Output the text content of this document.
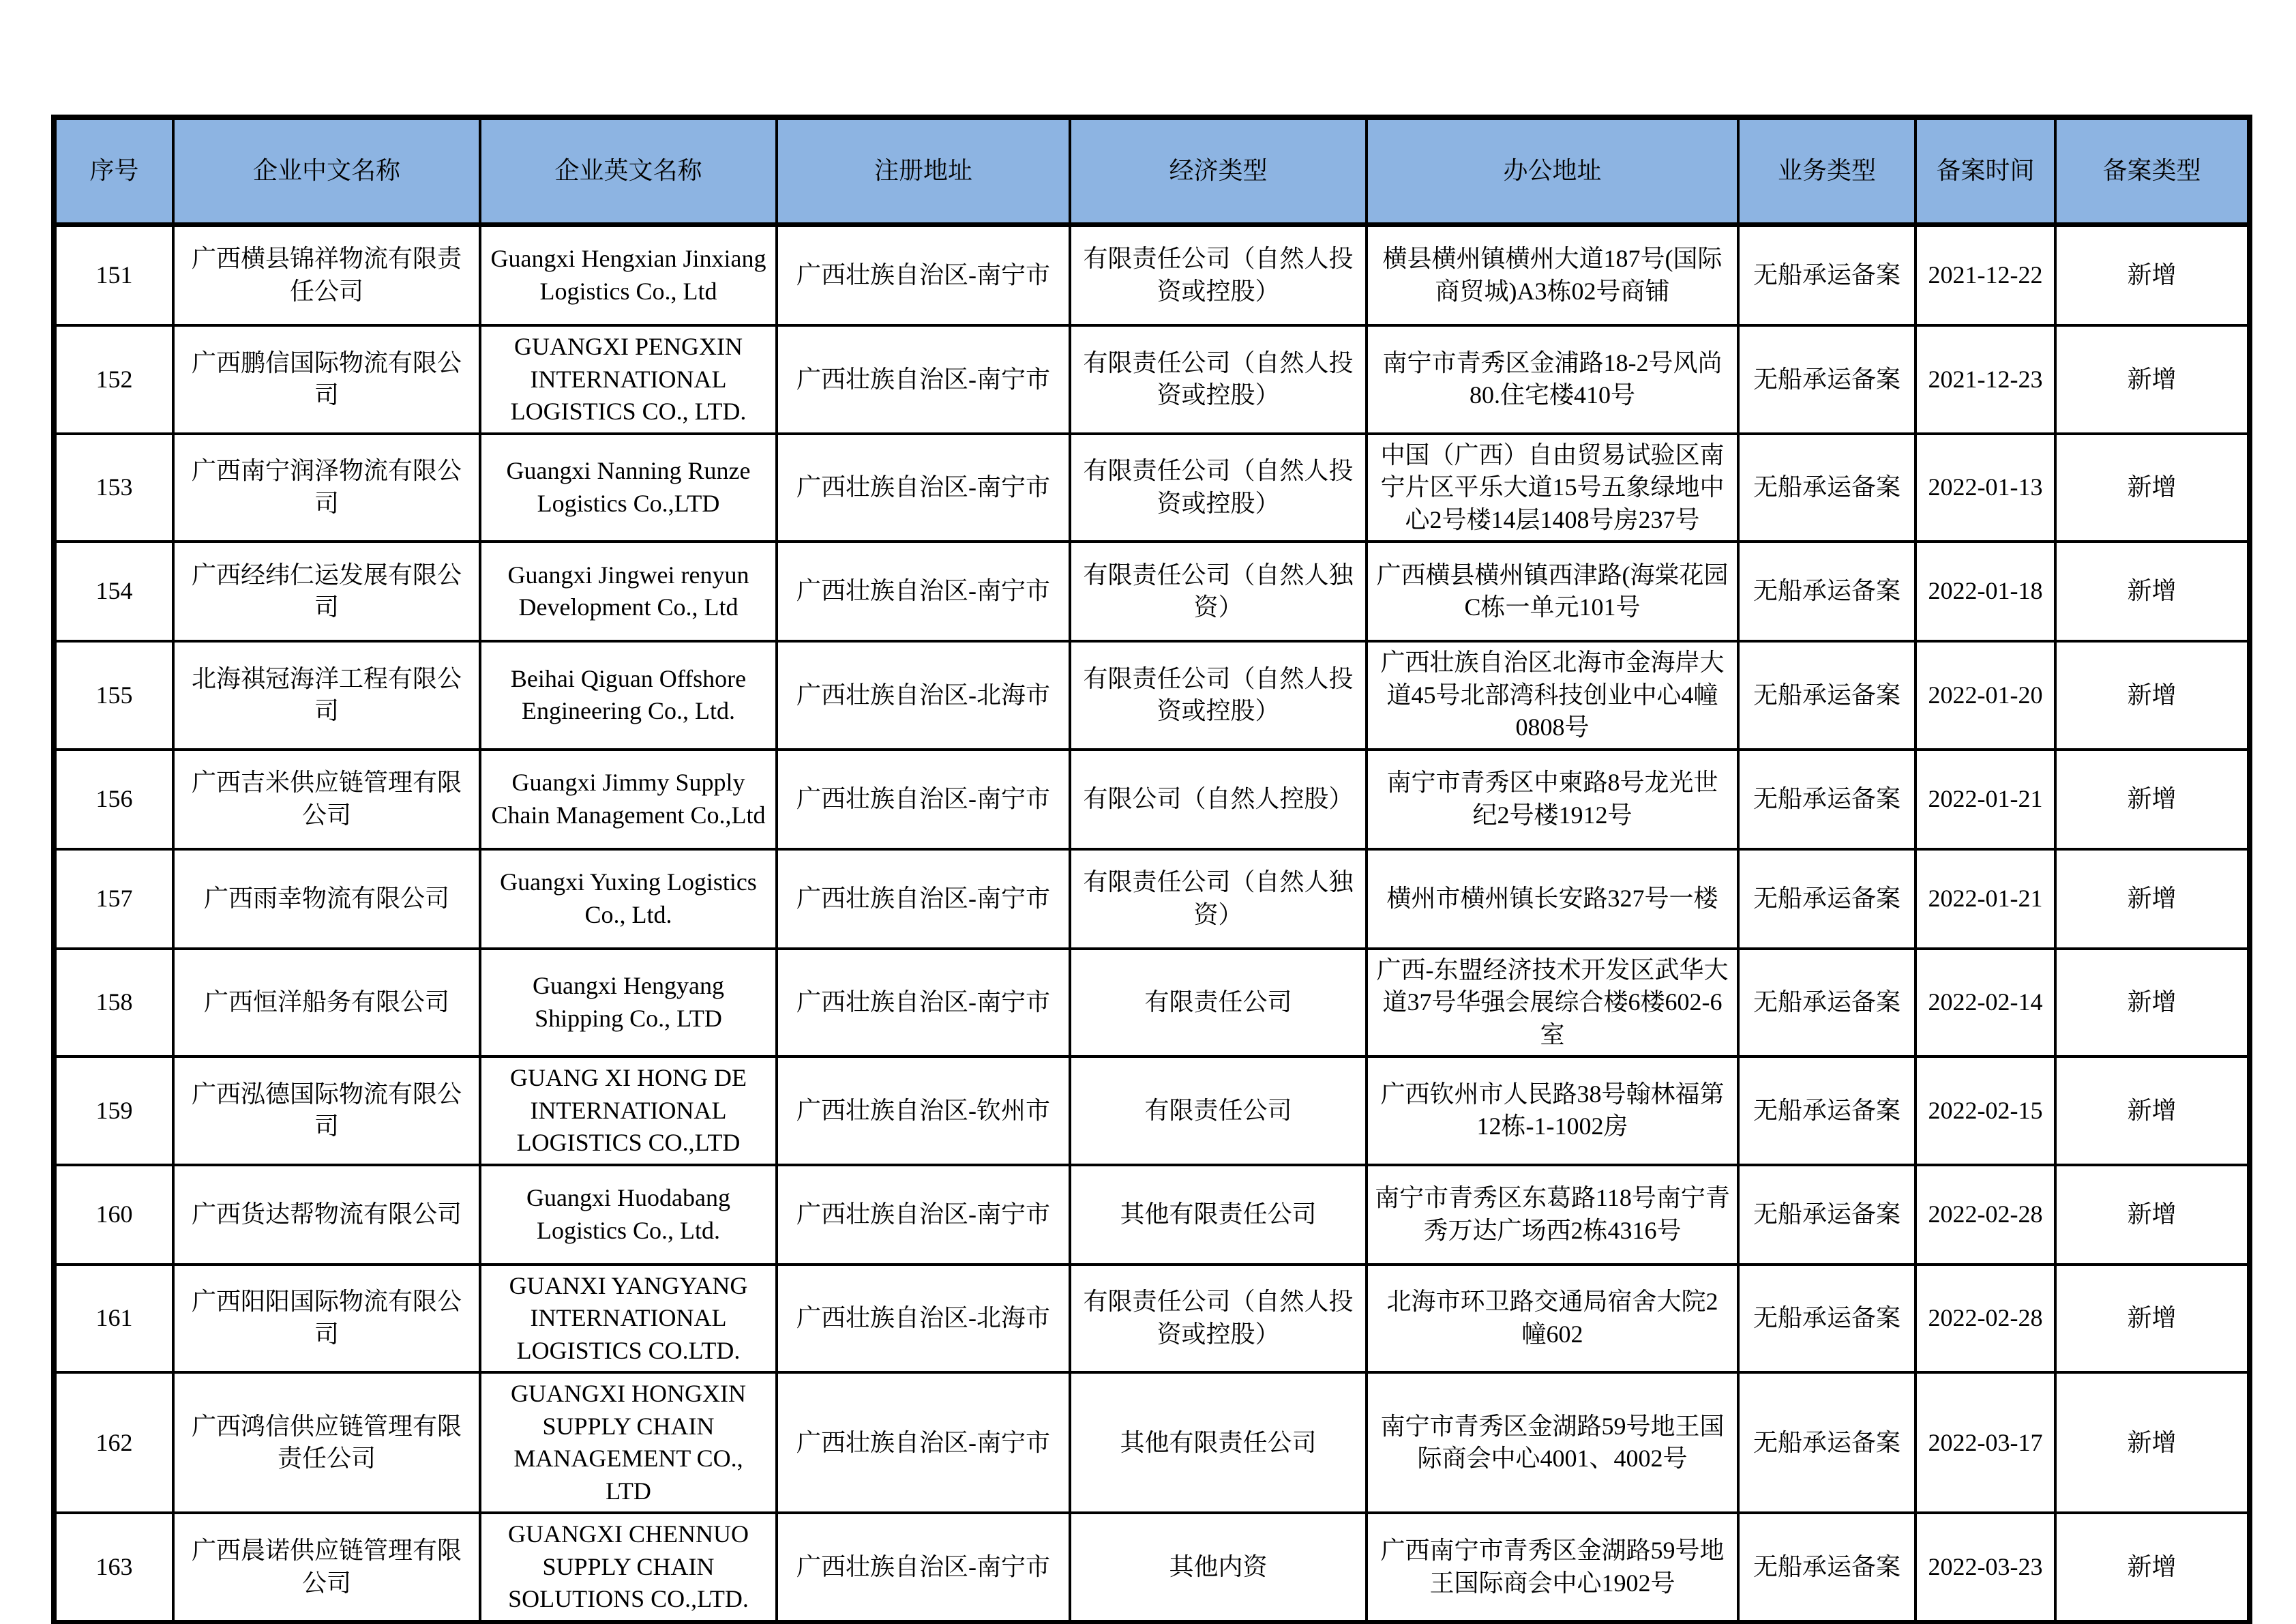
序号	企业中文名称	企业英文名称	注册地址	经济类型	办公地址	业务类型	备案时间	备案类型
151	广西横县锦祥物流有限责任公司	Guangxi Hengxian Jinxiang Logistics Co., Ltd	广西壮族自治区-南宁市	有限责任公司（自然人投资或控股）	横县横州镇横州大道187号(国际商贸城)A3栋02号商铺	无船承运备案	2021-12-22	新增
152	广西鹏信国际物流有限公司	GUANGXI PENGXIN INTERNATIONAL LOGISTICS CO., LTD.	广西壮族自治区-南宁市	有限责任公司（自然人投资或控股）	南宁市青秀区金浦路18-2号风尚80.住宅楼410号	无船承运备案	2021-12-23	新增
153	广西南宁润泽物流有限公司	Guangxi Nanning Runze Logistics Co.,LTD	广西壮族自治区-南宁市	有限责任公司（自然人投资或控股）	中国（广西）自由贸易试验区南宁片区平乐大道15号五象绿地中心2号楼14层1408号房237号	无船承运备案	2022-01-13	新增
154	广西经纬仁运发展有限公司	Guangxi Jingwei renyun Development Co., Ltd	广西壮族自治区-南宁市	有限责任公司（自然人独资）	广西横县横州镇西津路(海棠花园C栋一单元101号	无船承运备案	2022-01-18	新增
155	北海祺冠海洋工程有限公司	Beihai Qiguan Offshore Engineering Co., Ltd.	广西壮族自治区-北海市	有限责任公司（自然人投资或控股）	广西壮族自治区北海市金海岸大道45号北部湾科技创业中心4幢0808号	无船承运备案	2022-01-20	新增
156	广西吉米供应链管理有限公司	Guangxi Jimmy Supply Chain Management Co.,Ltd	广西壮族自治区-南宁市	有限公司（自然人控股）	南宁市青秀区中柬路8号龙光世纪2号楼1912号	无船承运备案	2022-01-21	新增
157	广西雨幸物流有限公司	Guangxi Yuxing Logistics Co., Ltd.	广西壮族自治区-南宁市	有限责任公司（自然人独资）	横州市横州镇长安路327号一楼	无船承运备案	2022-01-21	新增
158	广西恒洋船务有限公司	Guangxi Hengyang Shipping Co., LTD	广西壮族自治区-南宁市	有限责任公司	广西-东盟经济技术开发区武华大道37号华强会展综合楼6楼602-6室	无船承运备案	2022-02-14	新增
159	广西泓德国际物流有限公司	GUANG XI HONG DE INTERNATIONAL LOGISTICS CO.,LTD	广西壮族自治区-钦州市	有限责任公司	广西钦州市人民路38号翰林福第12栋-1-1002房	无船承运备案	2022-02-15	新增
160	广西货达帮物流有限公司	Guangxi Huodabang Logistics Co., Ltd.	广西壮族自治区-南宁市	其他有限责任公司	南宁市青秀区东葛路118号南宁青秀万达广场西2栋4316号	无船承运备案	2022-02-28	新增
161	广西阳阳国际物流有限公司	GUANXI YANGYANG INTERNATIONAL LOGISTICS CO.LTD.	广西壮族自治区-北海市	有限责任公司（自然人投资或控股）	北海市环卫路交通局宿舍大院2幢602	无船承运备案	2022-02-28	新增
162	广西鸿信供应链管理有限责任公司	GUANGXI HONGXIN SUPPLY CHAIN MANAGEMENT CO., LTD	广西壮族自治区-南宁市	其他有限责任公司	南宁市青秀区金湖路59号地王国际商会中心4001、4002号	无船承运备案	2022-03-17	新增
163	广西晨诺供应链管理有限公司	GUANGXI CHENNUO SUPPLY CHAIN SOLUTIONS CO.,LTD.	广西壮族自治区-南宁市	其他内资	广西南宁市青秀区金湖路59号地王国际商会中心1902号	无船承运备案	2022-03-23	新增
